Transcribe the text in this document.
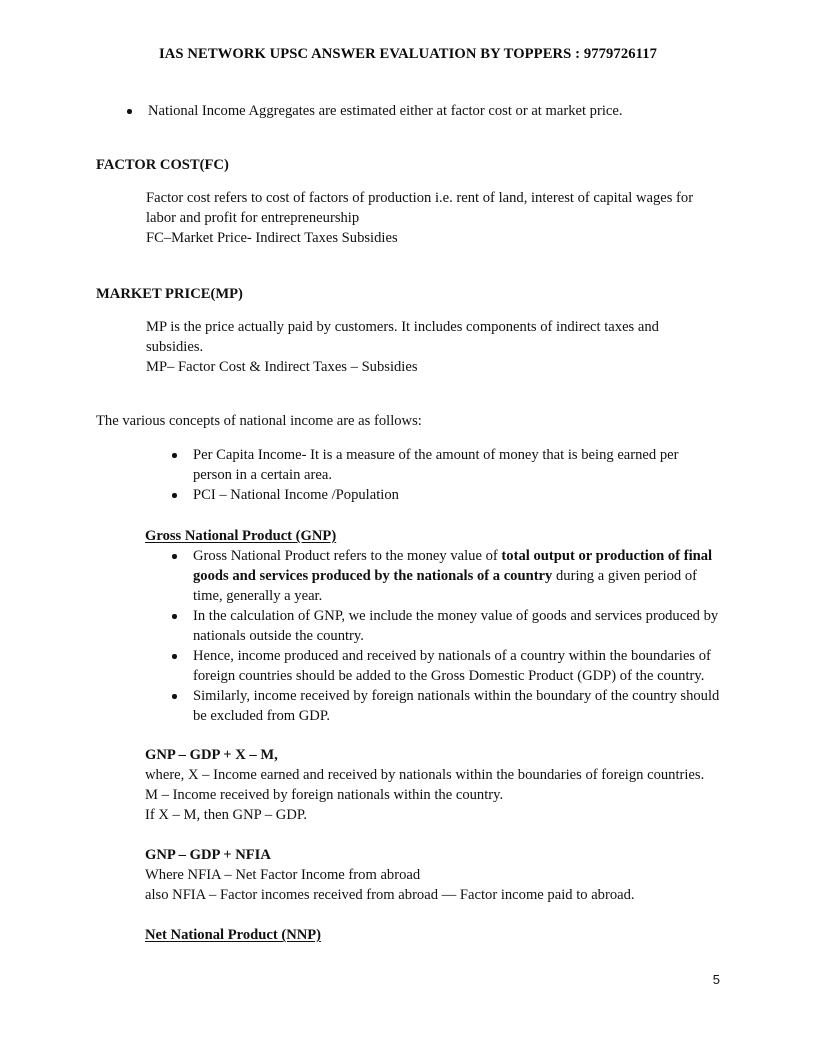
IAS NETWORK UPSC ANSWER EVALUATION BY TOPPERS : 9779726117
National Income Aggregates are estimated either at factor cost or at market price.
FACTOR COST(FC)
Factor cost refers to cost of factors of production i.e. rent of land, interest of capital wages for labor and profit for entrepreneurship
FC–Market Price- Indirect Taxes Subsidies
MARKET PRICE(MP)
MP is the price actually paid by customers. It includes components of indirect taxes and subsidies.
MP– Factor Cost & Indirect Taxes – Subsidies
The various concepts of national income are as follows:
Per Capita Income- It is a measure of the amount of money that is being earned per person in a certain area.
PCI – National Income /Population
Gross National Product (GNP)
Gross National Product refers to the money value of total output or production of final goods and services produced by the nationals of a country during a given period of time, generally a year.
In the calculation of GNP, we include the money value of goods and services produced by nationals outside the country.
Hence, income produced and received by nationals of a country within the boundaries of foreign countries should be added to the Gross Domestic Product (GDP) of the country.
Similarly, income received by foreign nationals within the boundary of the country should be excluded from GDP.
GNP – GDP + X – M,
where, X – Income earned and received by nationals within the boundaries of foreign countries.
M – Income received by foreign nationals within the country.
If X – M, then GNP – GDP.
GNP – GDP + NFIA
Where NFIA – Net Factor Income from abroad
also NFIA – Factor incomes received from abroad — Factor income paid to abroad.
Net National Product (NNP)
5
